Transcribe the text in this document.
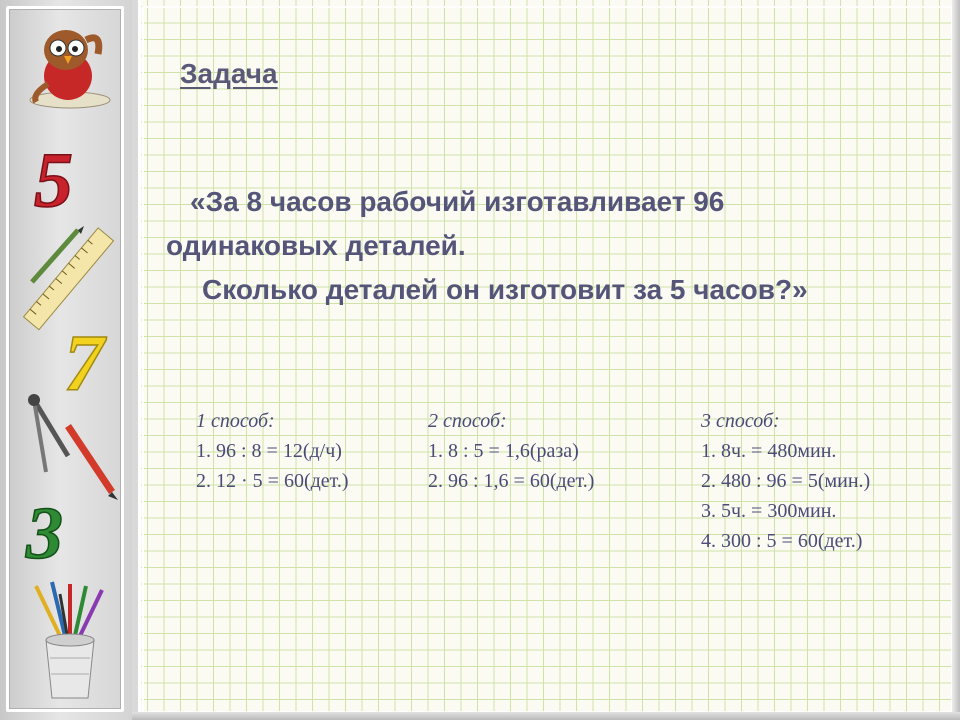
5
7
3
Задача
«За 8 часов рабочий изготавливает 96 одинаковых деталей.
Сколько деталей он изготовит за 5 часов?»
1 способ:
1. 96 : 8 = 12(д/ч)
2. 12 · 5 = 60(дет.)
2 способ:
1. 8 : 5 = 1,6(раза)
2. 96 : 1,6 = 60(дет.)
3 способ:
1. 8ч. = 480мин.
2. 480 : 96 = 5(мин.)
3. 5ч. = 300мин.
4. 300 : 5 = 60(дет.)
